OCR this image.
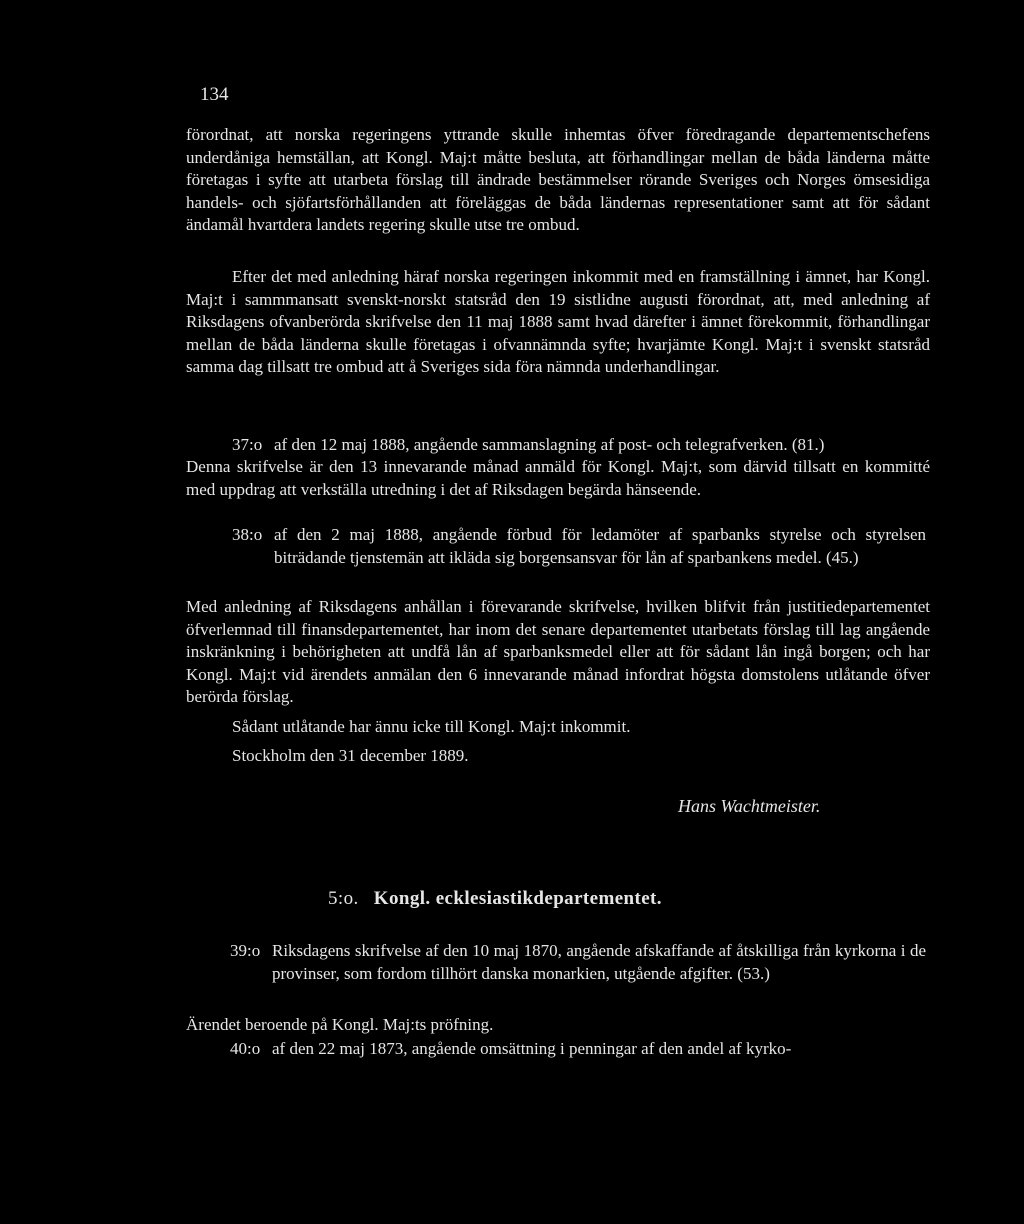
134

förordnat, att norska regeringens yttrande skulle inhemtas öfver föredragande departementschefens underdåniga hemställan, att Kongl. Maj:t måtte besluta, att förhandlingar mellan de båda länderna måtte företagas i syfte att utarbeta förslag till ändrade bestämmelser rörande Sveriges och Norges ömsesidiga handels- och sjöfartsförhållanden att föreläggas de båda ländernas representationer samt att för sådant ändamål hvartdera landets regering skulle utse tre ombud.

Efter det med anledning häraf norska regeringen inkommit med en framställning i ämnet, har Kongl. Maj:t i sammmansatt svenskt-norskt statsråd den 19 sistlidne augusti förordnat, att, med anledning af Riksdagens ofvanberörda skrifvelse den 11 maj 1888 samt hvad därefter i ämnet förekommit, förhandlingar mellan de båda länderna skulle företagas i ofvannämnda syfte; hvarjämte Kongl. Maj:t i svenskt statsråd samma dag tillsatt tre ombud att å Sveriges sida föra nämnda underhandlingar.

37:o af den 12 maj 1888, angående sammanslagning af post- och telegrafverken. (81.)

Denna skrifvelse är den 13 innevarande månad anmäld för Kongl. Maj:t, som därvid tillsatt en kommitté med uppdrag att verkställa utredning i det af Riksdagen begärda hänseende.

38:o af den 2 maj 1888, angående förbud för ledamöter af sparbanks styrelse och styrelsen biträdande tjenstemän att ikläda sig borgensansvar för lån af sparbankens medel. (45.)

Med anledning af Riksdagens anhållan i förevarande skrifvelse, hvilken blifvit från justitiedepartementet öfverlemnad till finansdepartementet, har inom det senare departementet utarbetats förslag till lag angående inskränkning i behörigheten att undfå lån af sparbanksmedel eller att för sådant lån ingå borgen; och har Kongl. Maj:t vid ärendets anmälan den 6 innevarande månad infordrat högsta domstolens utlåtande öfver berörda förslag.

Sådant utlåtande har ännu icke till Kongl. Maj:t inkommit.

Stockholm den 31 december 1889.
Hans Wachtmeister.
5:o. Kongl. ecklesiastikdepartementet.
39:o Riksdagens skrifvelse af den 10 maj 1870, angående afskaffande af åtskilliga från kyrkorna i de provinser, som fordom tillhört danska monarkien, utgående afgifter. (53.)

Ärendet beroende på Kongl. Maj:ts pröfning.

40:o af den 22 maj 1873, angående omsättning i penningar af den andel af kyrko-
